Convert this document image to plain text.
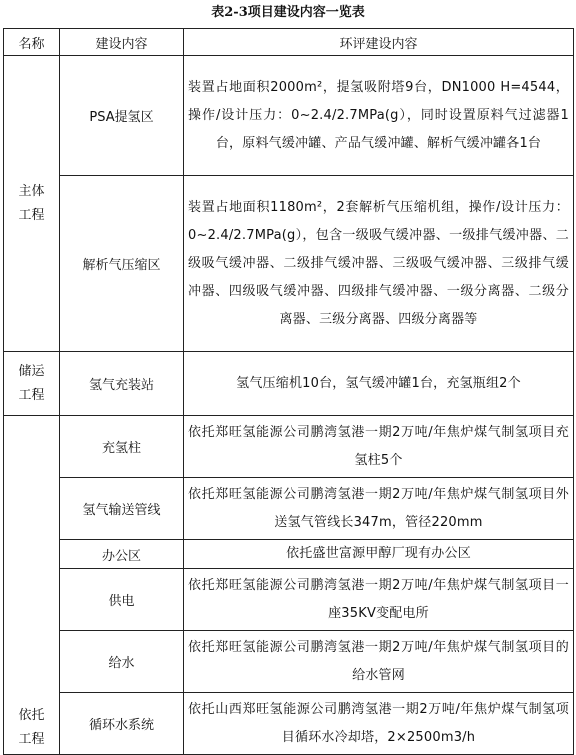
表2-3项目建设内容一览表
名称	建设内容	环评建设内容
主体工程	PSA提氢区	装置占地面积2000m²，提氢吸附塔9台，DN1000 H=4544，操作/设计压力：0~2.4/2.7MPa(g），同时设置原料气过滤器1台，原料气缓冲罐、产品气缓冲罐、解析气缓冲罐各1台

	解析气压缩区	装置占地面积1180m²，2套解析气压缩机组，操作/设计压力：0~2.4/2.7MPa(g），包含一级吸气缓冲器、一级排气缓冲器、二级吸气缓冲器、二级排气缓冲器、三级吸气缓冲器、三级排气缓冲器、四级吸气缓冲器、四级排气缓冲器、一级分离器、二级分离器、三级分离器、四级分离器等

储运工程	氢气充装站	氢气压缩机10台，氢气缓冲罐1台，充氢瓶组2个

依托工程	充氢柱	依托郑旺氢能源公司鹏湾氢港一期2万吨/年焦炉煤气制氢项目充氢柱5个

	氢气输送管线	依托郑旺氢能源公司鹏湾氢港一期2万吨/年焦炉煤气制氢项目外送氢气管线长347m，管径220mm

	办公区	依托盛世富源甲醇厂现有办公区

	供电	依托郑旺氢能源公司鹏湾氢港一期2万吨/年焦炉煤气制氢项目一座35KV变配电所

	给水	依托郑旺氢能源公司鹏湾氢港一期2万吨/年焦炉煤气制氢项目的给水管网

	循环水系统	依托山西郑旺氢能源公司鹏湾氢港一期2万吨/年焦炉煤气制氢项目循环水冷却塔，2×2500m3/h
